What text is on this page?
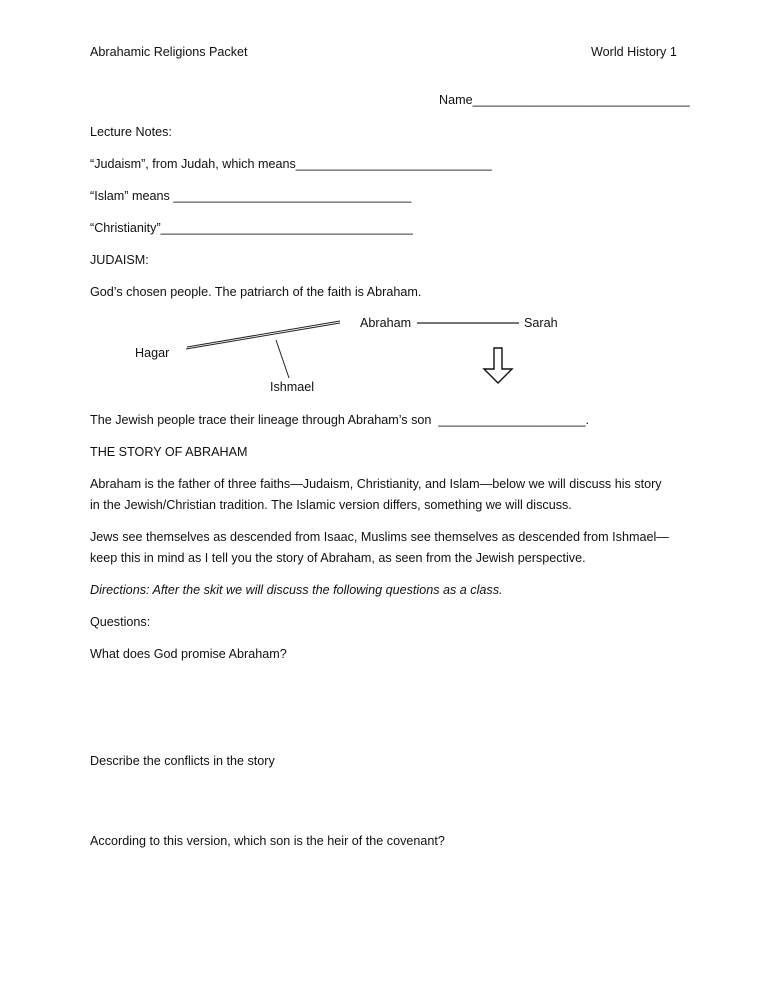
Abrahamic Religions Packet	World History 1
Name_______________________________
Lecture Notes:
“Judaism”, from Judah, which means____________________________
“Islam” means __________________________________
“Christianity”____________________________________
JUDAISM:
God’s chosen people. The patriarch of the faith is Abraham.
Abraham	Sarah
Hagar
Ishmael
The Jewish people trace their lineage through Abraham’s son  _____________________.
THE STORY OF ABRAHAM
Abraham is the father of three faiths—Judaism, Christianity, and Islam—below we will discuss his story
in the Jewish/Christian tradition. The Islamic version differs, something we will discuss.
Jews see themselves as descended from Isaac, Muslims see themselves as descended from Ishmael—
keep this in mind as I tell you the story of Abraham, as seen from the Jewish perspective.
Directions: After the skit we will discuss the following questions as a class.
Questions:
What does God promise Abraham?
Describe the conflicts in the story
According to this version, which son is the heir of the covenant?
